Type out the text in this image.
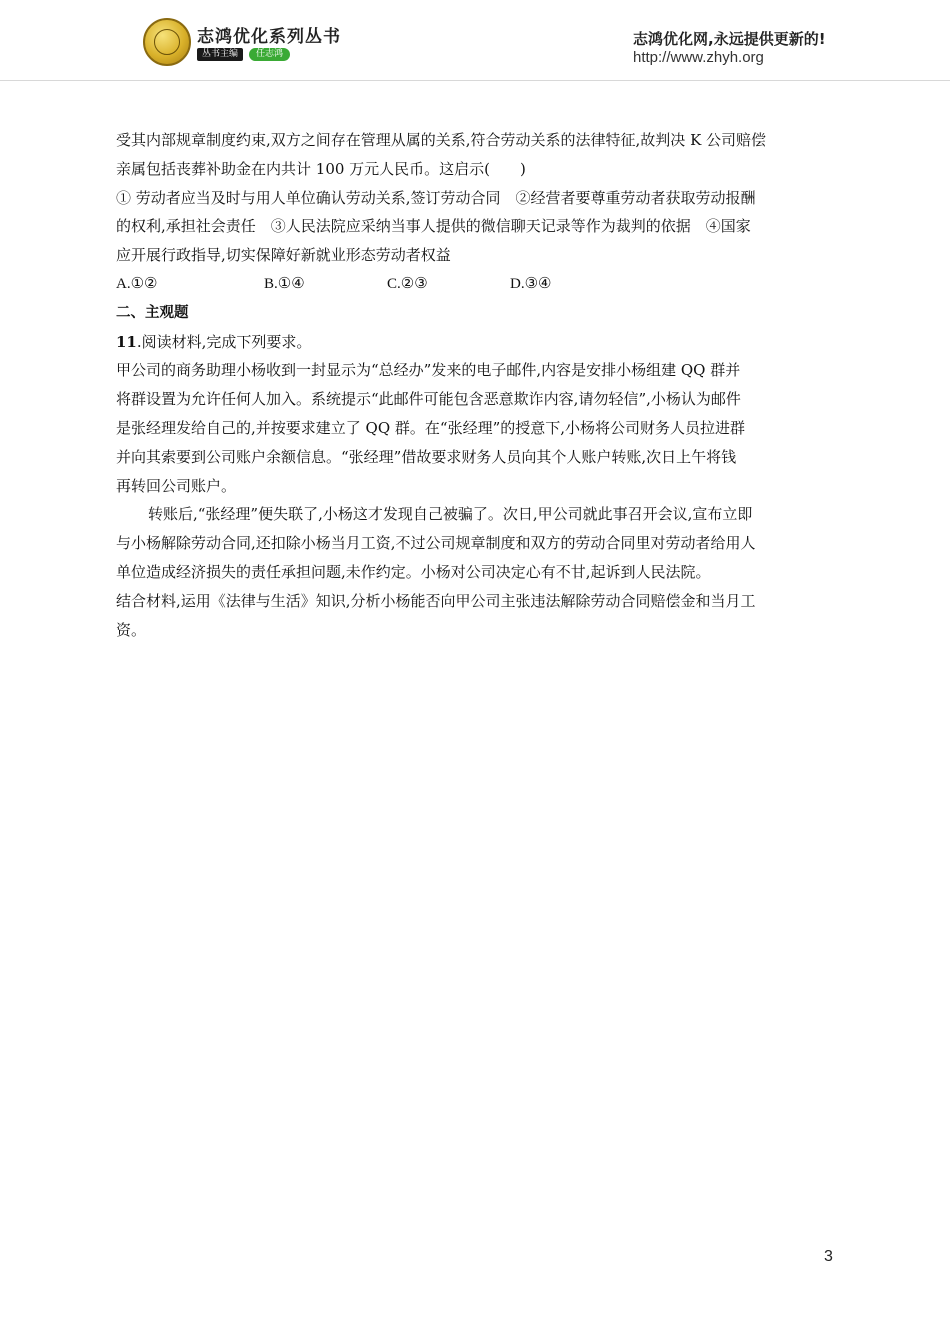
志鸿优化系列丛书
丛书主编	任志鸿
志鸿优化网,永远提供更新的!
http://www.zhyh.org
受其内部规章制度约束,双方之间存在管理从属的关系,符合劳动关系的法律特征,故判决 K 公司赔偿
亲属包括丧葬补助金在内共计 100 万元人民币。这启示(　　)
① 劳动者应当及时与用人单位确认劳动关系,签订劳动合同　②经营者要尊重劳动者获取劳动报酬
的权利,承担社会责任　③人民法院应采纳当事人提供的微信聊天记录等作为裁判的依据　④国家
应开展行政指导,切实保障好新就业形态劳动者权益
A.①②	B.①④	C.②③	D.③④
二、主观题
11.阅读材料,完成下列要求。
甲公司的商务助理小杨收到一封显示为“总经办”发来的电子邮件,内容是安排小杨组建 QQ 群并
将群设置为允许任何人加入。系统提示“此邮件可能包含恶意欺诈内容,请勿轻信”,小杨认为邮件
是张经理发给自己的,并按要求建立了 QQ 群。在“张经理”的授意下,小杨将公司财务人员拉进群
并向其索要到公司账户余额信息。“张经理”借故要求财务人员向其个人账户转账,次日上午将钱
再转回公司账户。
转账后,“张经理”便失联了,小杨这才发现自己被骗了。次日,甲公司就此事召开会议,宣布立即
与小杨解除劳动合同,还扣除小杨当月工资,不过公司规章制度和双方的劳动合同里对劳动者给用人
单位造成经济损失的责任承担问题,未作约定。小杨对公司决定心有不甘,起诉到人民法院。
结合材料,运用《法律与生活》知识,分析小杨能否向甲公司主张违法解除劳动合同赔偿金和当月工
资。
3
